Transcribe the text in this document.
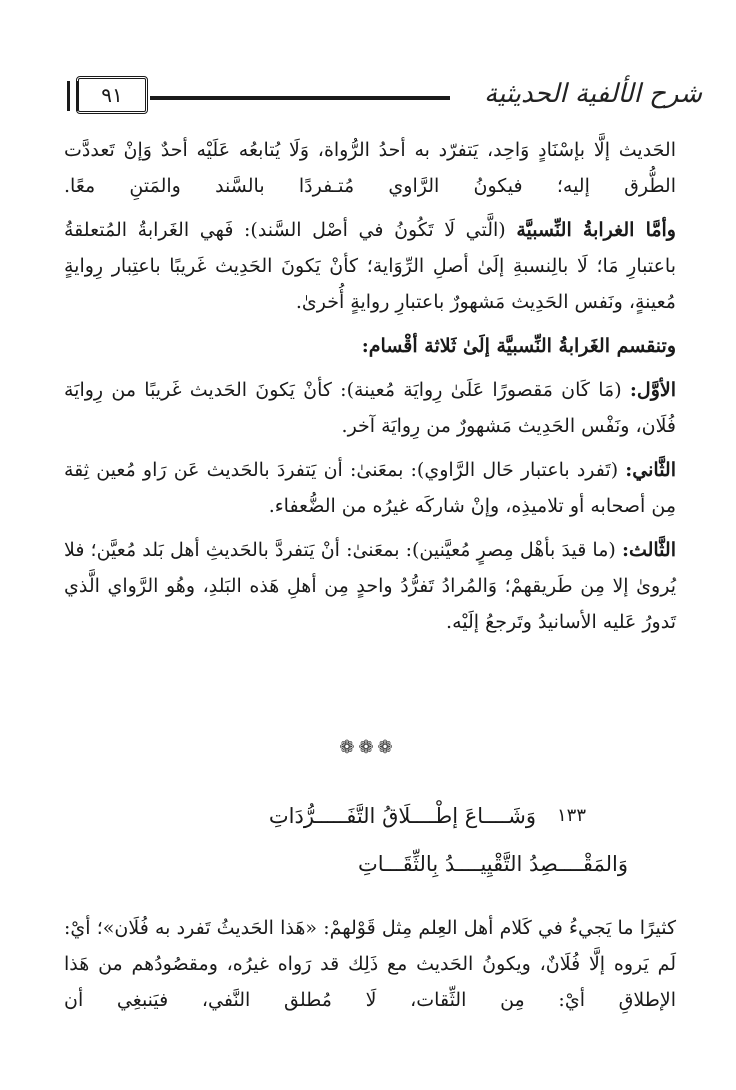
شرح الألفية الحديثية
٩١

الحَديث إلَّا بإسْنَادٍ وَاحِد، يَتفرّد به أحدُ الرُّواة، وَلَا يُتابعُه عَلَيْه أحدٌ وَإنْ تَعددَّت الطُّرق إليه؛ فيكونُ الرَّاوي مُتـفردًا بالسَّند والمَتنِ معًا.

وأمَّا الغرابةُ النِّسبيَّة (الَّتي لَا تَكُونُ في أصْل السَّند): فَهي الغَرابةُ المُتعلقةُ باعتبارِ مَا؛ لَا بالِنسبةِ إلَىٰ أصلِ الرِّوَاية؛ كأنْ يَكونَ الحَدِيث غَريبًا باعتِبار رِوايةٍ مُعينةٍ، ونَفس الحَدِيث مَشهورٌ باعتبارِ روايةٍ أُخرىٰ.

وتنقسم الغَرابةُ النِّسبيَّة إلَىٰ ثَلاثة أقْسام:

الأوَّل: (مَا كَان مَقصورًا عَلَىٰ رِوايَة مُعينة): كأنْ يَكونَ الحَديث غَريبًا من رِوايَة فُلَان، ونَفْس الحَدِيث مَشهورٌ من رِوايَة آخر.

الثَّاني: (تَفرد باعتبار حَال الرَّاوي): بمعَنىٰ: أن يَتفردَ بالحَديث عَن رَاو مُعين ثِقة مِن أصحابه أو تلاميذِه، وإنْ شاركَه غيرُه من الضُّعفاء.

الثَّالث: (ما قيدَ بأهْل مِصرٍ مُعيَّنين): بمعَنىٰ: أنْ يَتفردَّ بالحَديثِ أهل بَلد مُعيَّن؛ فلا يُروىٰ إلا مِن طَريقهمْ؛ وَالمُرادُ تَفرُّدُ واحدٍ مِن أهلِ هَذه البَلدِ، وهُو الرَّواي الَّذي تَدورُ عَليه الأسانيدُ وتَرجعُ إلَيْه.

❁❁❁
١٣٣
وَشَــــاعَ إطْــــلَاقُ التَّفَـــــرُّدَاتِ
وَالمَقْــــصِدُ التَّقْيِيــــدُ بِالثِّقَـــاتِ

كثيرًا ما يَجيءُ في كَلام أهل العِلم مِثل قَوْلهمْ: «هَذا الحَديثُ تَفرد به فُلَان»؛ أيْ: لَم يَروه إلَّا فُلَانٌ، ويكونُ الحَديث مع ذَلِك قد رَواه غيرُه، ومقصُودُهم من هَذا الإطلاقِ أيْ: مِن الثِّقات، لَا مُطلق النَّفي، فيَنبغِي أن
